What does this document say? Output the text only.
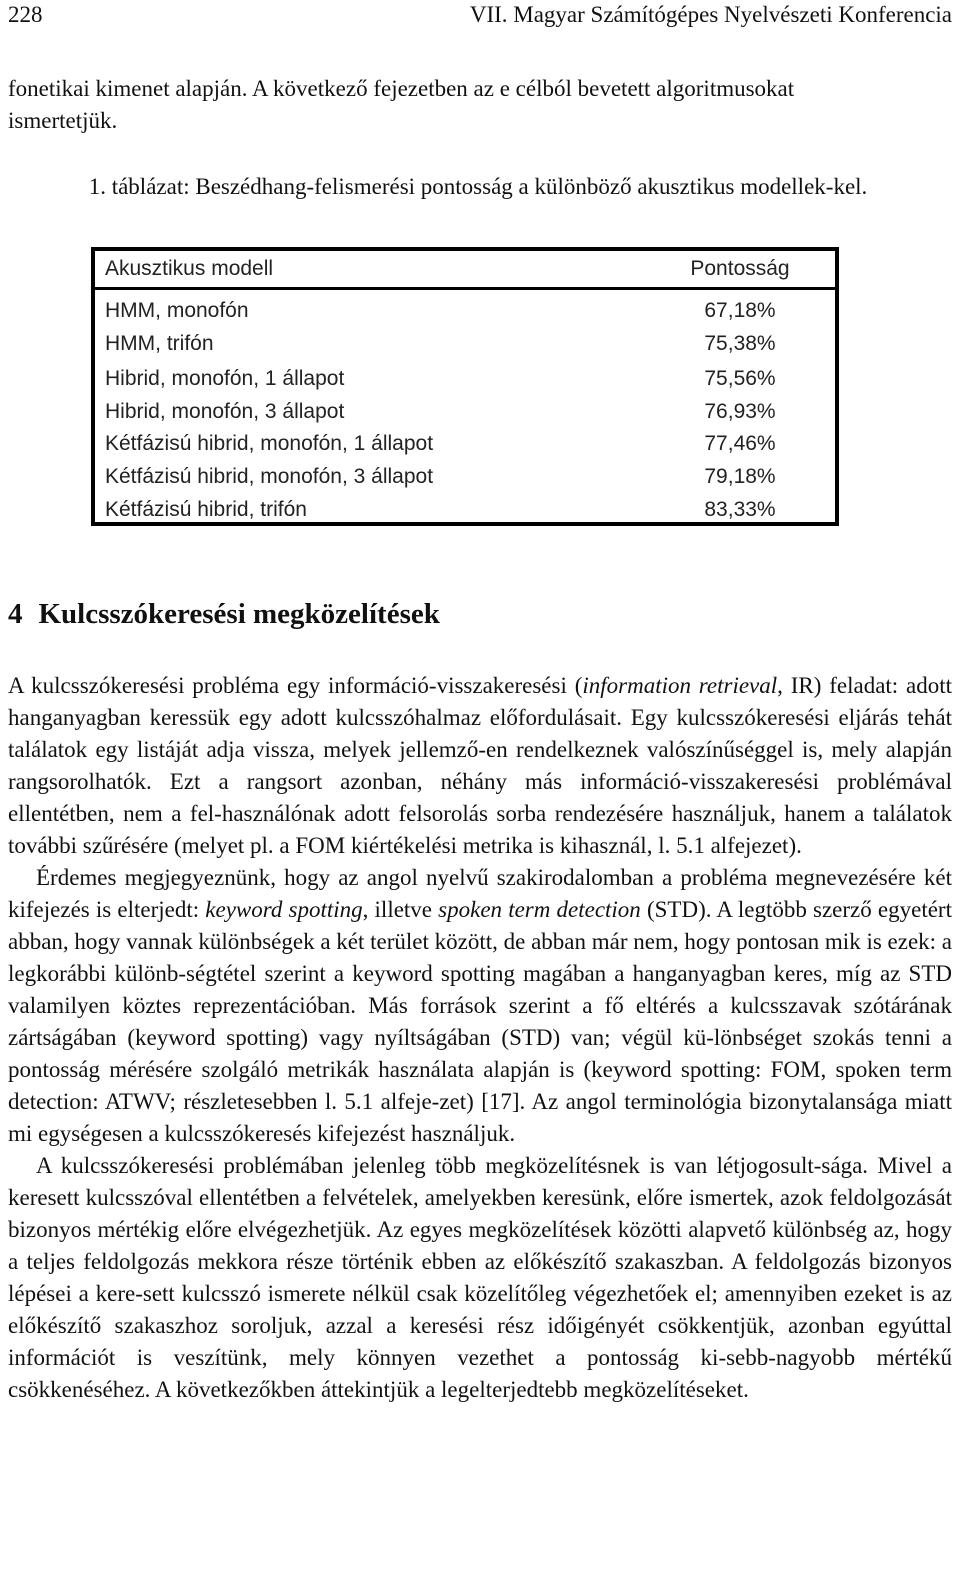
228	VII. Magyar Számítógépes Nyelvészeti Konferencia
fonetikai kimenet alapján. A következő fejezetben az e célból bevetett algoritmusokat
ismertetjük.
1. táblázat: Beszédhang-felismerési pontosság a különböző akusztikus modellek-kel.
Akusztikus modell	Pontosság
HMM, monofón	67,18%
HMM, trifón	75,38%
Hibrid, monofón, 1 állapot	75,56%
Hibrid, monofón, 3 állapot	76,93%
Kétfázisú hibrid, monofón, 1 állapot	77,46%
Kétfázisú hibrid, monofón, 3 állapot	79,18%
Kétfázisú hibrid, trifón	83,33%
4 Kulcsszókeresési megközelítések

A kulcsszókeresési probléma egy információ-visszakeresési (information retrieval, IR) feladat: adott hanganyagban keressük egy adott kulcsszóhalmaz előfordulásait. Egy kulcsszókeresési eljárás tehát találatok egy listáját adja vissza, melyek jellemző-en rendelkeznek valószínűséggel is, mely alapján rangsorolhatók. Ezt a rangsort azonban, néhány más információ-visszakeresési problémával ellentétben, nem a fel-használónak adott felsorolás sorba rendezésére használjuk, hanem a találatok további szűrésére (melyet pl. a FOM kiértékelési metrika is kihasznál, l. 5.1 alfejezet).

Érdemes megjegyeznünk, hogy az angol nyelvű szakirodalomban a probléma megnevezésére két kifejezés is elterjedt: keyword spotting, illetve spoken term detection (STD). A legtöbb szerző egyetért abban, hogy vannak különbségek a két terület között, de abban már nem, hogy pontosan mik is ezek: a legkorábbi különb-ségtétel szerint a keyword spotting magában a hanganyagban keres, míg az STD valamilyen köztes reprezentációban. Más források szerint a fő eltérés a kulcsszavak szótárának zártságában (keyword spotting) vagy nyíltságában (STD) van; végül kü-lönbséget szokás tenni a pontosság mérésére szolgáló metrikák használata alapján is (keyword spotting: FOM, spoken term detection: ATWV; részletesebben l. 5.1 alfeje-zet) [17]. Az angol terminológia bizonytalansága miatt mi egységesen a kulcsszókeresés kifejezést használjuk.

A kulcsszókeresési problémában jelenleg több megközelítésnek is van létjogosult-sága. Mivel a keresett kulcsszóval ellentétben a felvételek, amelyekben keresünk, előre ismertek, azok feldolgozását bizonyos mértékig előre elvégezhetjük. Az egyes megközelítések közötti alapvető különbség az, hogy a teljes feldolgozás mekkora része történik ebben az előkészítő szakaszban. A feldolgozás bizonyos lépései a kere-sett kulcsszó ismerete nélkül csak közelítőleg végezhetőek el; amennyiben ezeket is az előkészítő szakaszhoz soroljuk, azzal a keresési rész időigényét csökkentjük, azonban egyúttal információt is veszítünk, mely könnyen vezethet a pontosság ki-sebb-nagyobb mértékű csökkenéséhez. A következőkben áttekintjük a legelterjedtebb megközelítéseket.
